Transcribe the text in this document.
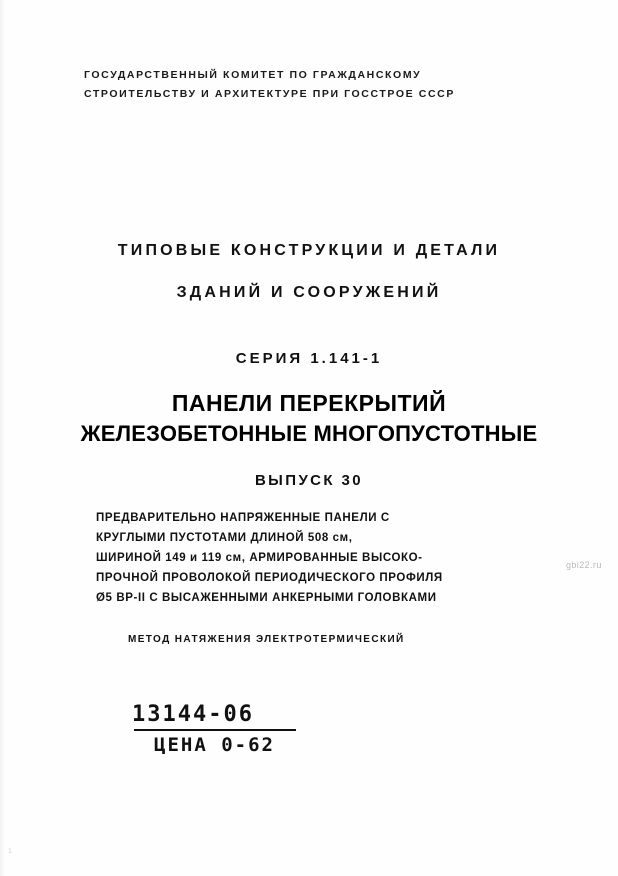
ГОСУДАРСТВЕННЫЙ КОМИТЕТ ПО ГРАЖДАНСКОМУ
СТРОИТЕЛЬСТВУ И АРХИТЕКТУРЕ ПРИ ГОССТРОЕ СССР
ТИПОВЫЕ КОНСТРУКЦИИ И ДЕТАЛИ
ЗДАНИЙ И СООРУЖЕНИЙ
СЕРИЯ 1.141-1
ПАНЕЛИ ПЕРЕКРЫТИЙ
ЖЕЛЕЗОБЕТОННЫЕ МНОГОПУСТОТНЫЕ
ВЫПУСК 30
ПРЕДВАРИТЕЛЬНО НАПРЯЖЕННЫЕ ПАНЕЛИ С
КРУГЛЫМИ ПУСТОТАМИ ДЛИНОЙ 508 см,
ШИРИНОЙ 149 и 119 см, АРМИРОВАННЫЕ ВЫСОКО-
ПРОЧНОЙ ПРОВОЛОКОЙ ПЕРИОДИЧЕСКОГО ПРОФИЛЯ
Ø5 ВР-II С ВЫСАЖЕННЫМИ АНКЕРНЫМИ ГОЛОВКАМИ
МЕТОД НАТЯЖЕНИЯ ЭЛЕКТРОТЕРМИЧЕСКИЙ
13144-06
ЦЕНА 0-62
gbi22.ru
1
